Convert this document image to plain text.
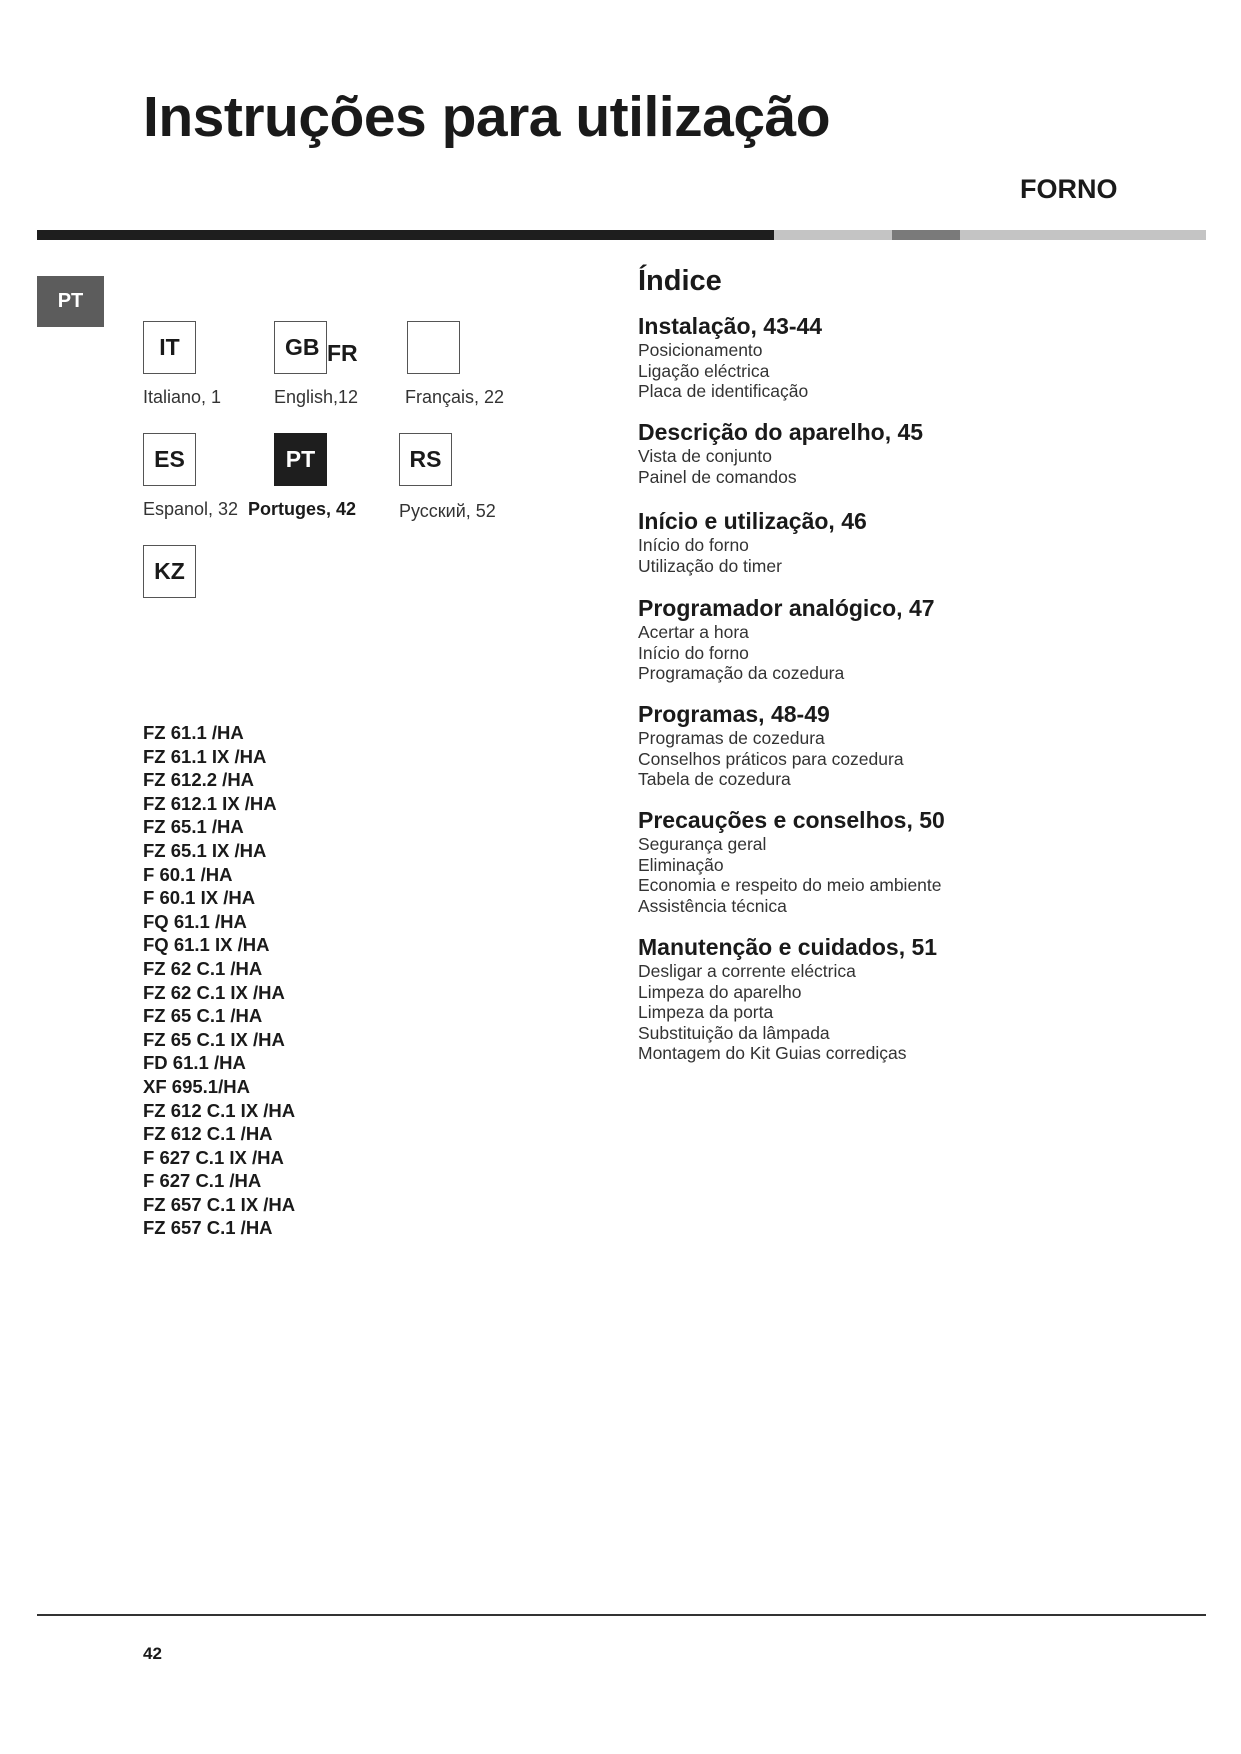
Instruções para utilização
FORNO
PT
IT
Italiano, 1
GB FR
English,12	Français, 22
ES
Espanol, 32
PT
Portuges, 42
RS
Русский, 52
KZ
FZ 61.1 /HA
FZ 61.1 IX /HA
FZ 612.2 /HA
FZ 612.1 IX /HA
FZ 65.1 /HA
FZ 65.1 IX /HA
F 60.1 /HA
F 60.1 IX /HA
FQ 61.1 /HA
FQ 61.1 IX /HA
FZ 62 C.1 /HA
FZ 62 C.1 IX /HA
FZ 65 C.1 /HA
FZ 65 C.1 IX /HA
FD 61.1 /HA
XF 695.1/HA
FZ 612 C.1 IX /HA
FZ 612 C.1 /HA
F 627 C.1 IX /HA
F 627 C.1 /HA
FZ 657 C.1 IX /HA
FZ 657 C.1 /HA
Índice
Instalação, 43-44
Posicionamento
Ligação eléctrica
Placa de identificação
Descrição do aparelho, 45
Vista de conjunto
Painel de comandos
Início e utilização, 46
Início do forno
Utilização do timer
Programador analógico, 47
Acertar a hora
Início do forno
Programação da cozedura
Programas, 48-49
Programas de cozedura
Conselhos práticos para cozedura
Tabela de cozedura
Precauções e conselhos, 50
Segurança geral
Eliminação
Economia e respeito do meio ambiente
Assistência técnica
Manutenção e cuidados, 51
Desligar a corrente eléctrica
Limpeza do aparelho
Limpeza da porta
Substituição da lâmpada
Montagem do Kit Guias corrediças
42
